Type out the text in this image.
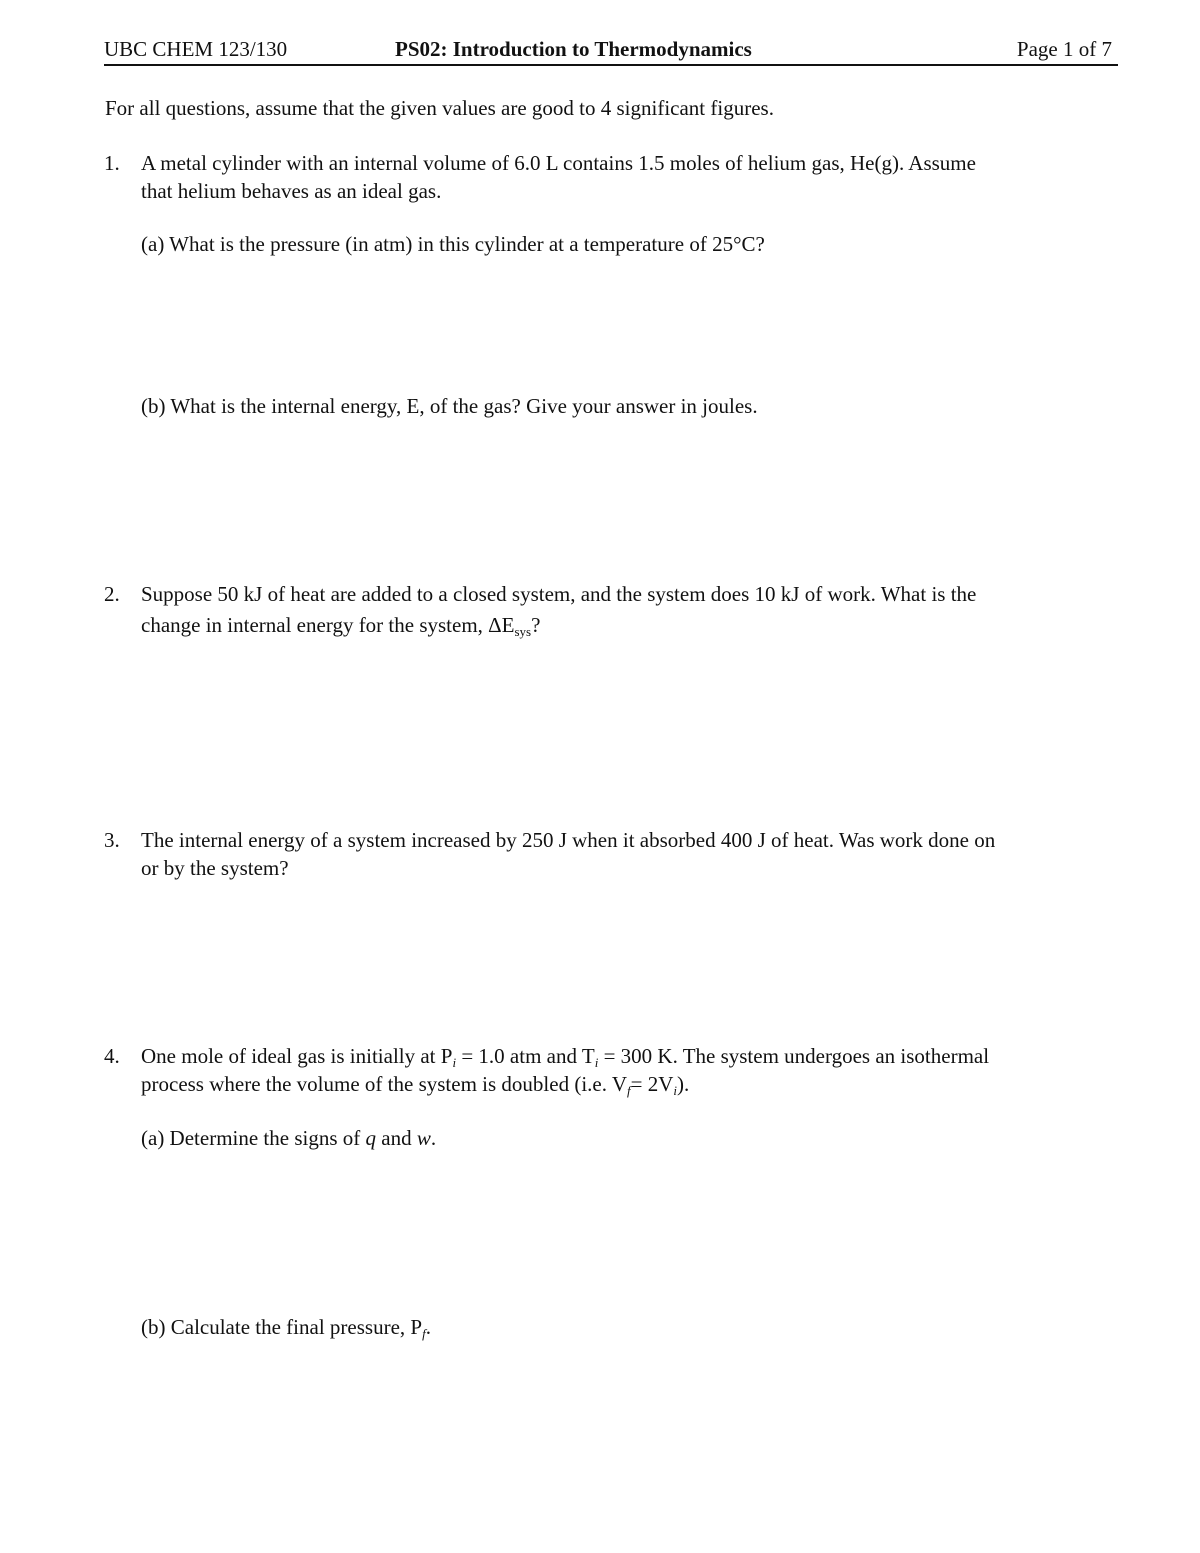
UBC CHEM 123/130	PS02: Introduction to Thermodynamics	Page 1 of 7

For all questions, assume that the given values are good to 4 significant figures.

1. A metal cylinder with an internal volume of 6.0 L contains 1.5 moles of helium gas, He(g). Assume

that helium behaves as an ideal gas.

(a) What is the pressure (in atm) in this cylinder at a temperature of 25°C?

(b) What is the internal energy, E, of the gas? Give your answer in joules.

2. Suppose 50 kJ of heat are added to a closed system, and the system does 10 kJ of work. What is the

change in internal energy for the system, ΔEsys?

3. The internal energy of a system increased by 250 J when it absorbed 400 J of heat. Was work done on

or by the system?

4. One mole of ideal gas is initially at Pi = 1.0 atm and Ti = 300 K. The system undergoes an isothermal

process where the volume of the system is doubled (i.e. Vf= 2Vi).

(a) Determine the signs of q and w.

(b) Calculate the final pressure, Pf.
